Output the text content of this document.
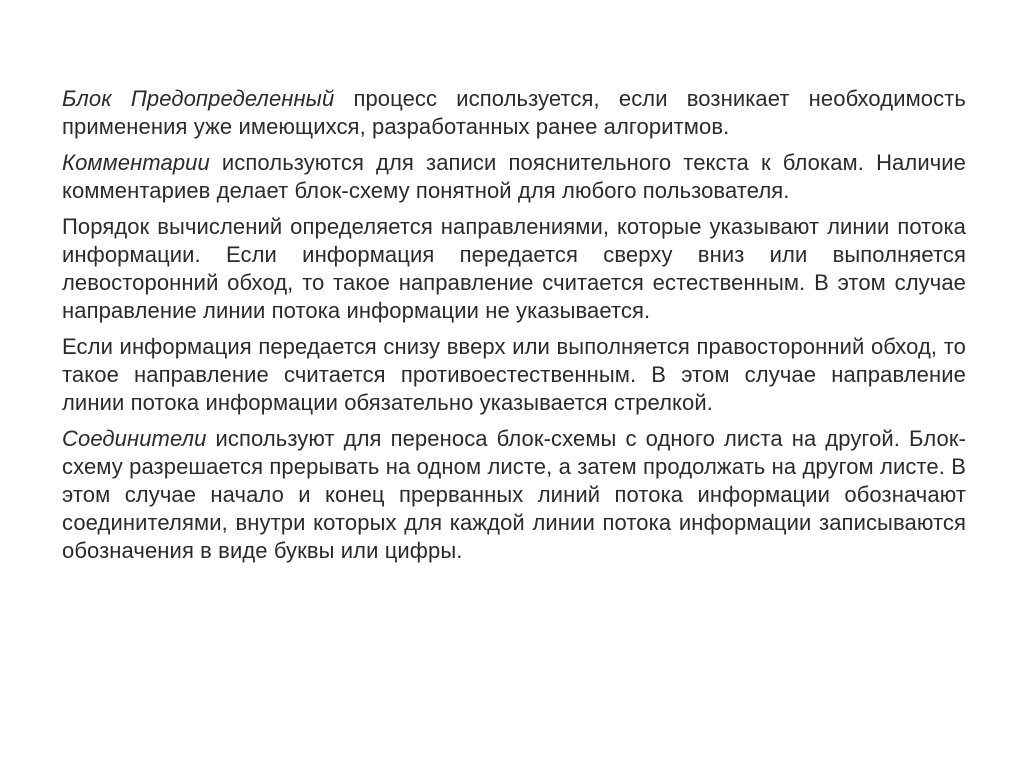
Блок Предопределенный процесс используется, если возникает необходимость применения уже имеющихся, разработанных ранее алгоритмов.

Комментарии используются для записи пояснительного текста к блокам. Наличие комментариев делает блок-схему понятной для любого пользователя.

Порядок вычислений определяется направлениями, которые указывают линии потока информации. Если информация передается сверху вниз или выполняется левосторонний обход, то такое направление считается естественным. В этом случае направление линии потока информации не указывается.

Если информация передается снизу вверх или выполняется правосторонний обход, то такое направление считается противоестественным. В этом случае направление линии потока информации обязательно указывается стрелкой.

Соединители используют для переноса блок-схемы с одного листа на другой. Блок-схему разрешается прерывать на одном листе, а затем продолжать на другом листе. В этом случае начало и конец прерванных линий потока информации обозначают соединителями, внутри которых для каждой линии потока информации записываются обозначения в виде буквы или цифры.
